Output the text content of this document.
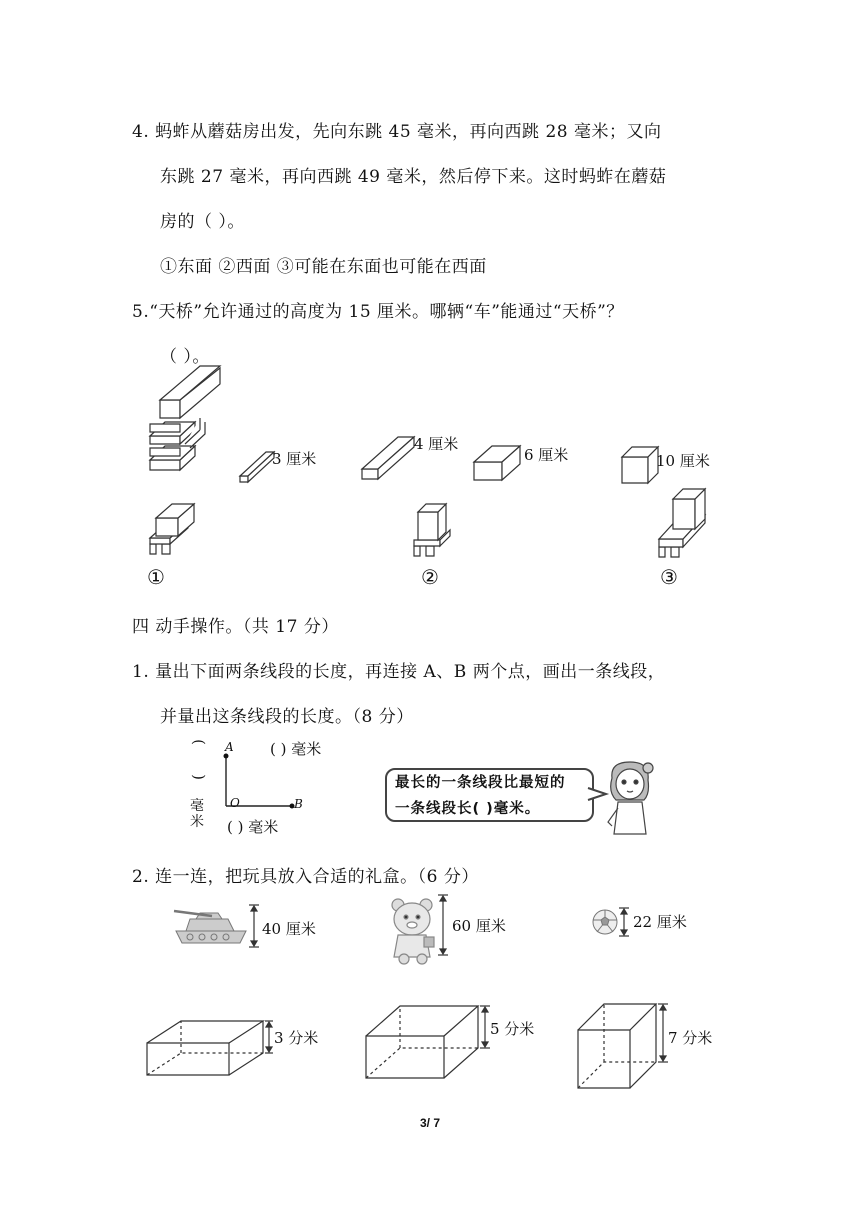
4. 蚂蚱从蘑菇房出发，先向东跳 45 毫米，再向西跳 28 毫米；又向
东跳 27 毫米，再向西跳 49 毫米，然后停下来。这时蚂蚱在蘑菇
房的（ ）。
①东面 ②西面 ③可能在东面也可能在西面
5.“天桥”允许通过的高度为 15 厘米。哪辆“车”能通过“天桥”？
（ ）。
3 厘米
4 厘米
6 厘米	10 厘米
①	②	③
四 动手操作。（共 17 分）
1. 量出下面两条线段的长度，再连接 A、B 两个点，画出一条线段，
并量出这条线段的长度。（8 分）
A
O	B
( ) 毫米
( ) 毫米
(
)
毫米
最长的一条线段比最短的
一条线段长( )毫米。
2. 连一连，把玩具放入合适的礼盒。（6 分）
40 厘米	60 厘米	22 厘米
3 分米	5 分米	7 分米
3/ 7
